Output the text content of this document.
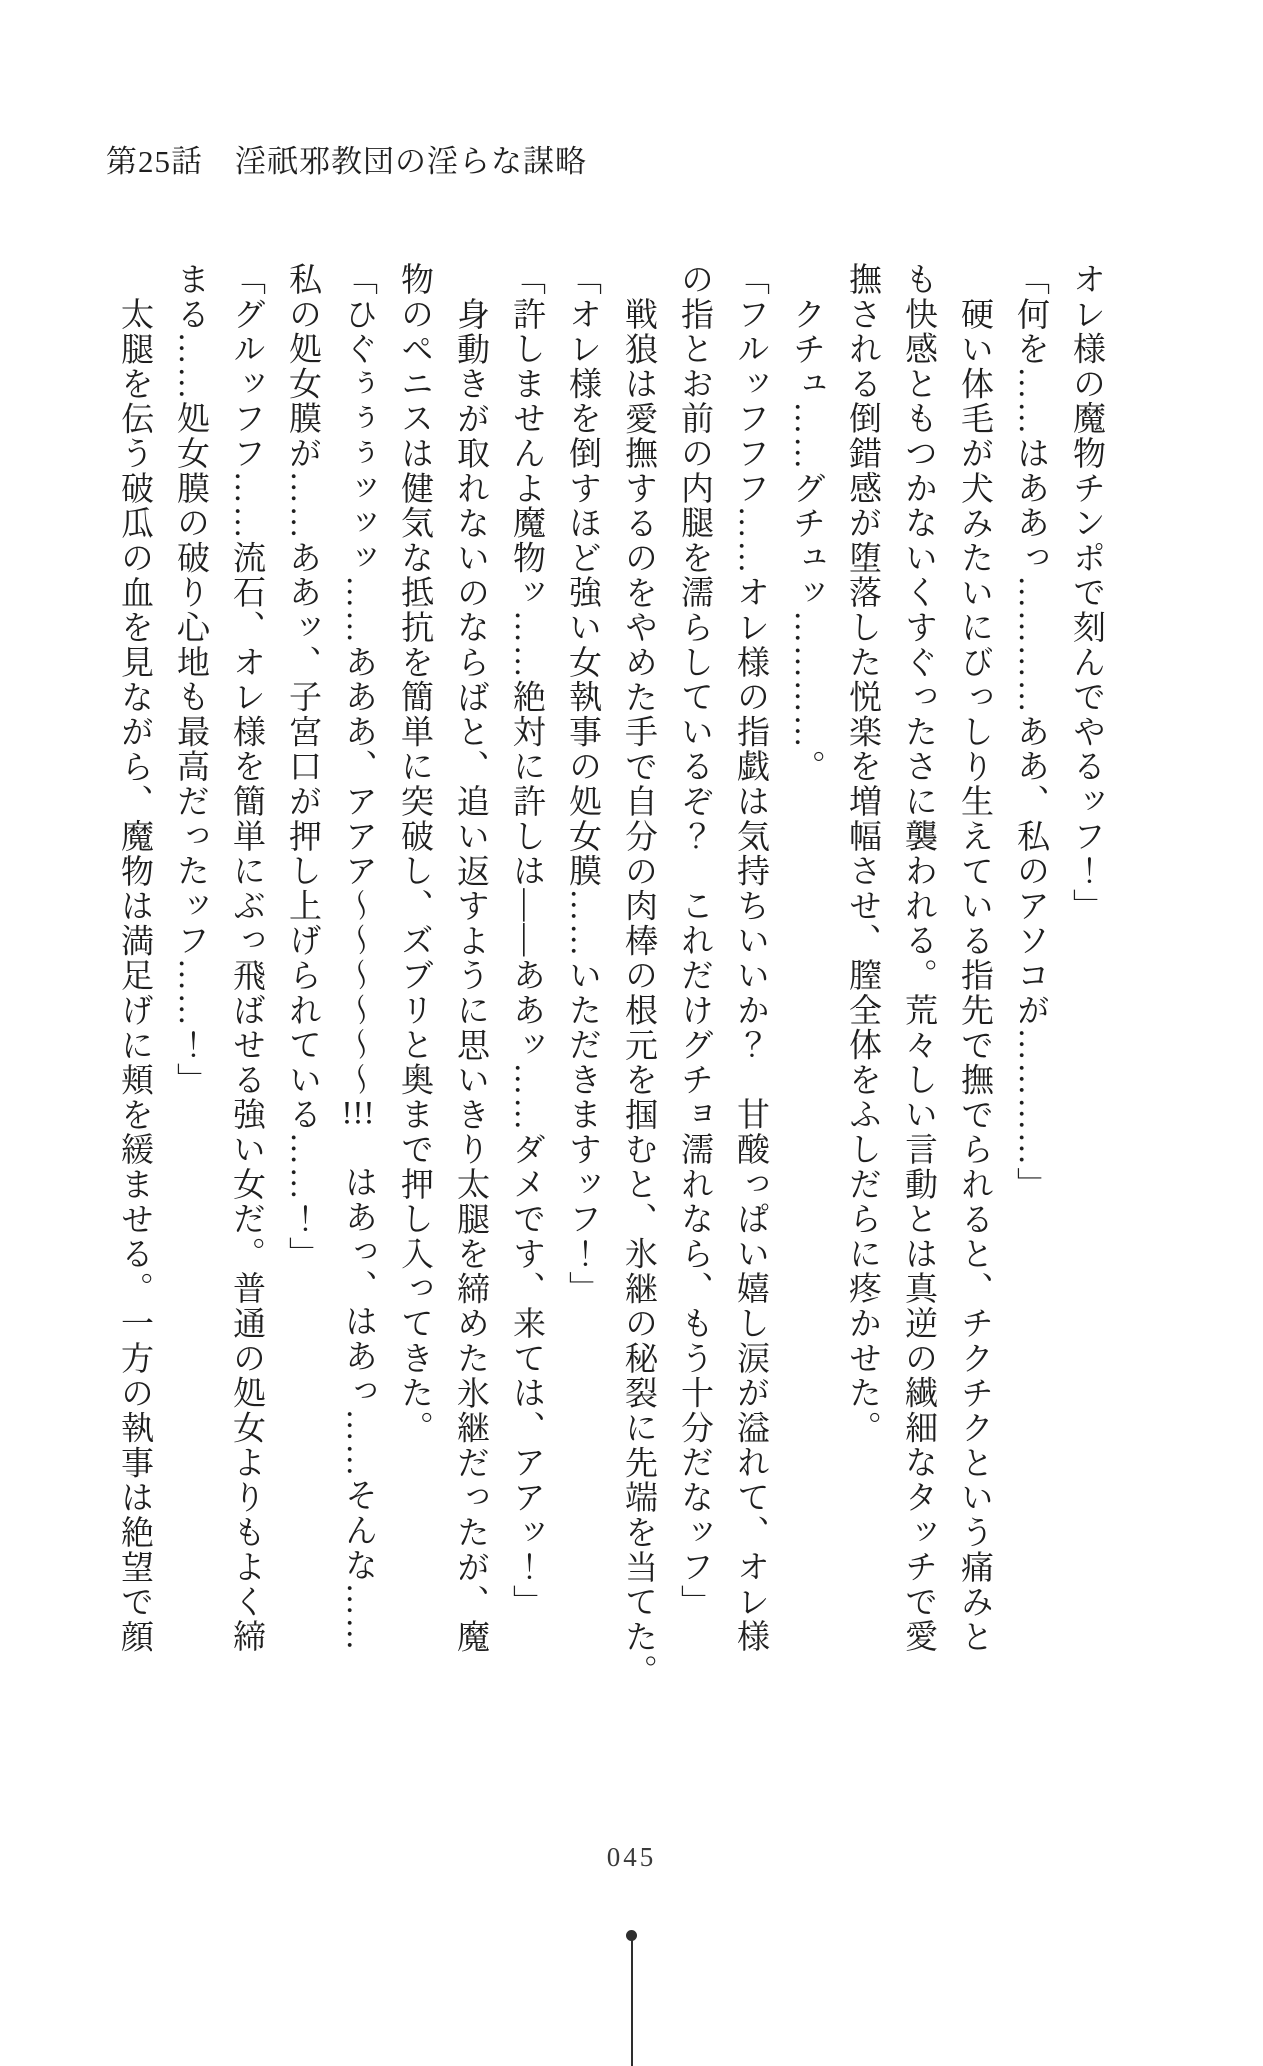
第25話　淫祇邪教団の淫らな謀略
オレ様の魔物チンポで刻んでやるッフ！」
「何を……はああっ…………ああ、私のアソコが…………」
硬い体毛が犬みたいにびっしり生えている指先で撫でられると、チクチクという痛みと
も快感ともつかないくすぐったさに襲われる。荒々しい言動とは真逆の繊細なタッチで愛
撫される倒錯感が堕落した悦楽を増幅させ、膣全体をふしだらに疼かせた。
クチュ……グチュッ…………。
「フルッフフフ……オレ様の指戯は気持ちいいか？　甘酸っぱい嬉し涙が溢れて、オレ様
の指とお前の内腿を濡らしているぞ？　これだけグチョ濡れなら、もう十分だなッフ」
戦狼は愛撫するのをやめた手で自分の肉棒の根元を掴むと、氷継の秘裂に先端を当てた。
「オレ様を倒すほど強い女執事の処女膜……いただきますッフ！」
「許しませんよ魔物ッ……絶対に許しは――ああッ……ダメです、来ては、アアッ！」
身動きが取れないのならばと、追い返すように思いきり太腿を締めた氷継だったが、魔
物のペニスは健気な抵抗を簡単に突破し、ズブリと奥まで押し入ってきた。
「ひぐぅぅぅッッッ……あああ、アアア～～～～～～!!!　はあっ、はあっ……そんな……
私の処女膜が……ああッ、子宮口が押し上げられている……！」
「グルッフフ……流石、オレ様を簡単にぶっ飛ばせる強い女だ。普通の処女よりもよく締
まる……処女膜の破り心地も最高だったッフ……！」
太腿を伝う破瓜の血を見ながら、魔物は満足げに頬を緩ませる。一方の執事は絶望で顔
045
